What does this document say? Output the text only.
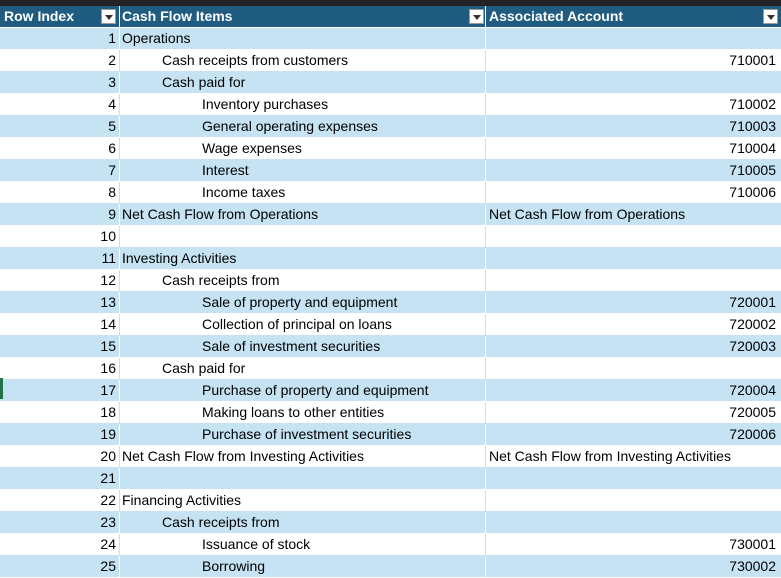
Row Index	Cash Flow Items	Associated Account
1 Operations
2	Cash receipts from customers	710001
3	Cash paid for
4	Inventory purchases	710002
5	General operating expenses	710003
6	Wage expenses	710004
7	Interest	710005
8	Income taxes	710006
9 Net Cash Flow from Operations	Net Cash Flow from Operations
10
11 Investing Activities
12	Cash receipts from
13	Sale of property and equipment	720001
14	Collection of principal on loans	720002
15	Sale of investment securities	720003
16	Cash paid for
17	Purchase of property and equipment	720004
18	Making loans to other entities	720005
19	Purchase of investment securities	720006
20 Net Cash Flow from Investing Activities	Net Cash Flow from Investing Activities
21
22 Financing Activities
23	Cash receipts from
24	Issuance of stock	730001
25	Borrowing	730002
